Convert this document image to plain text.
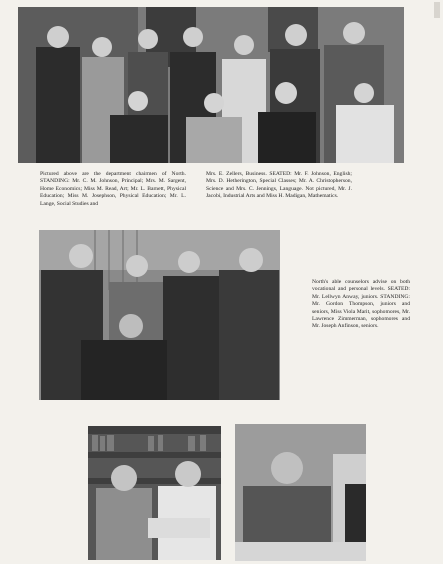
Pictured above are the department chairmen of North. STANDING: Mr. C. M. Johnson, Principal; Mrs. M. Sargent, Home Economics; Miss M. Read, Art; Mr. L. Barnett, Physical Education; Miss M. Josephson, Physical Education; Mr. L. Lange, Social Studies and

Mrs. E. Zellers, Business. SEATED: Mr. F. Johnson, English; Mrs. D. Hetherington, Special Classes; Mr. A. Christopherson, Science and Mrs. C. Jennings, Language. Not pictured, Mr. J. Jacobi, Industrial Arts and Miss H. Madigan, Mathematics.

North's able counselors advise on both vocational and personal levels. SEATED: Mr. Lellwyn Anway, juniors. STANDING: Mr. Gordon Thompson, juniors and seniors, Miss Viola Marit, sophomores, Mr. Lawrence Zimmerman, sophomores and Mr. Joseph Anfinson, seniors.
